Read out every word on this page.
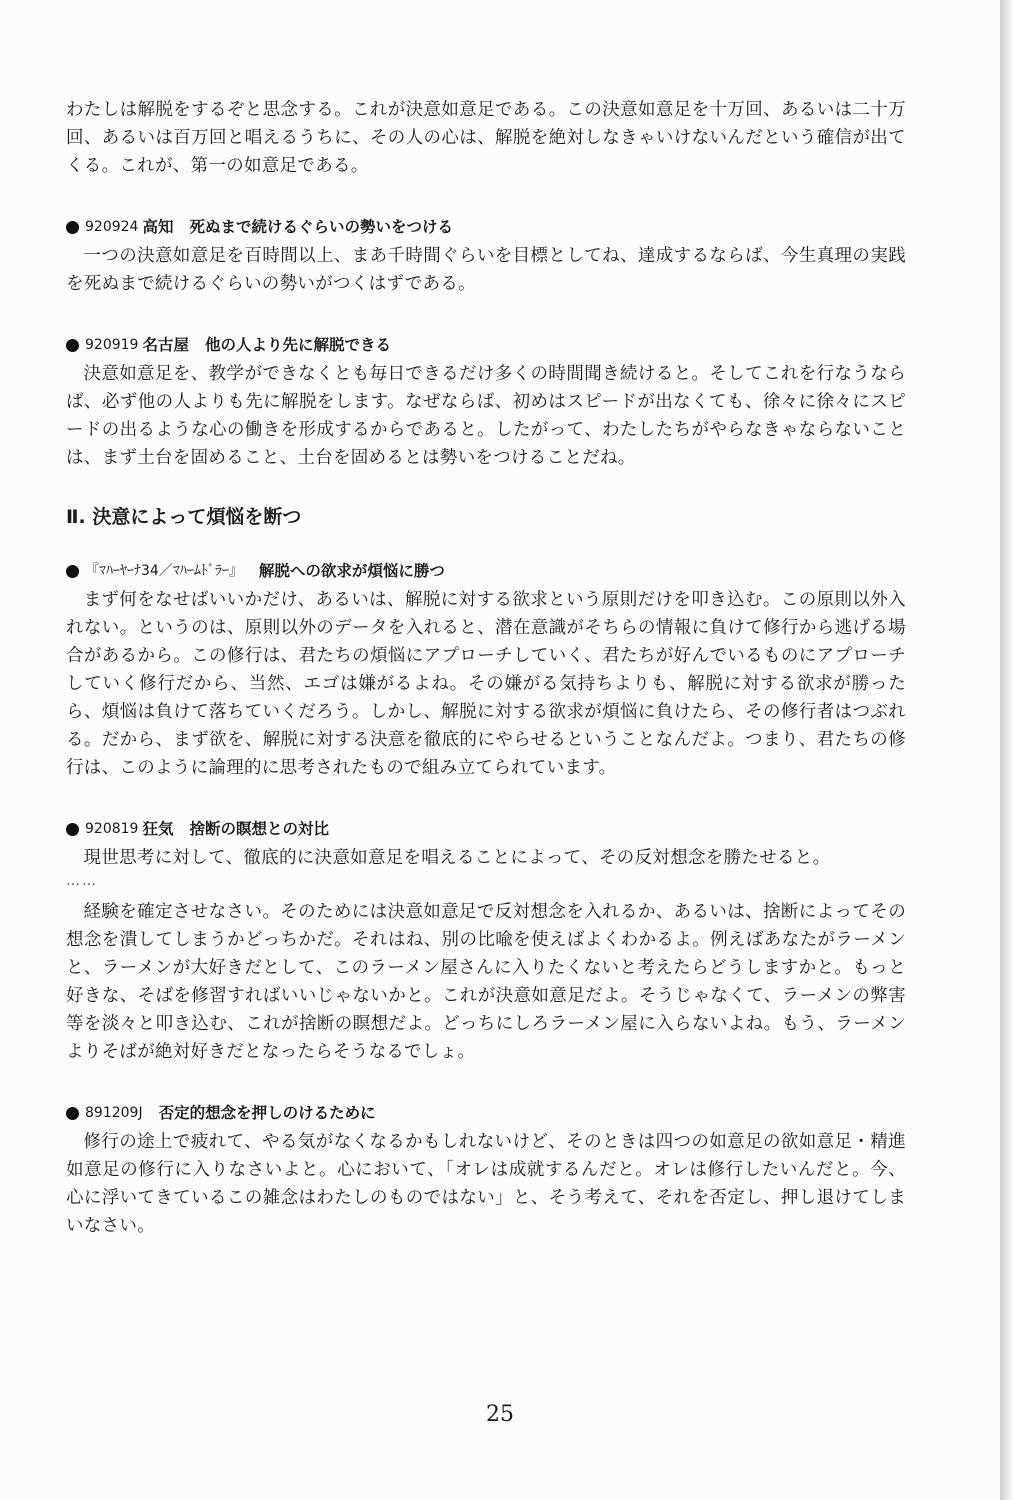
わたしは解脱をするぞと思念する。これが決意如意足である。この決意如意足を十万回、あるいは二十万回、あるいは百万回と唱えるうちに、その人の心は、解脱を絶対しなきゃいけないんだという確信が出てくる。これが、第一の如意足である。

920924 高知 死ぬまで続けるぐらいの勢いをつける

一つの決意如意足を百時間以上、まあ千時間ぐらいを目標としてね、達成するならば、今生真理の実践を死ぬまで続けるぐらいの勢いがつくはずである。

920919 名古屋 他の人より先に解脱できる

決意如意足を、教学ができなくとも毎日できるだけ多くの時間聞き続けると。そしてこれを行なうならば、必ず他の人よりも先に解脱をします。なぜならば、初めはスピードが出なくても、徐々に徐々にスピードの出るような心の働きを形成するからであると。したがって、わたしたちがやらなきゃならないことは、まず土台を固めること、土台を固めるとは勢いをつけることだね。

Ⅱ. 決意によって煩悩を断つ

『ﾏﾊｰﾔｰﾅ34／ﾏﾊｰﾑﾄﾞﾗｰ』 解脱への欲求が煩悩に勝つ

まず何をなせばいいかだけ、あるいは、解脱に対する欲求という原則だけを叩き込む。この原則以外入れない。というのは、原則以外のデータを入れると、潜在意識がそちらの情報に負けて修行から逃げる場合があるから。この修行は、君たちの煩悩にアプローチしていく、君たちが好んでいるものにアプローチしていく修行だから、当然、エゴは嫌がるよね。その嫌がる気持ちよりも、解脱に対する欲求が勝ったら、煩悩は負けて落ちていくだろう。しかし、解脱に対する欲求が煩悩に負けたら、その修行者はつぶれる。だから、まず欲を、解脱に対する決意を徹底的にやらせるということなんだよ。つまり、君たちの修行は、このように論理的に思考されたもので組み立てられています。

920819 狂気 捨断の瞑想との対比

現世思考に対して、徹底的に決意如意足を唱えることによって、その反対想念を勝たせると。

……

経験を確定させなさい。そのためには決意如意足で反対想念を入れるか、あるいは、捨断によってその想念を潰してしまうかどっちかだ。それはね、別の比喩を使えばよくわかるよ。例えばあなたがラーメンと、ラーメンが大好きだとして、このラーメン屋さんに入りたくないと考えたらどうしますかと。もっと好きな、そばを修習すればいいじゃないかと。これが決意如意足だよ。そうじゃなくて、ラーメンの弊害等を淡々と叩き込む、これが捨断の瞑想だよ。どっちにしろラーメン屋に入らないよね。もう、ラーメンよりそばが絶対好きだとなったらそうなるでしょ。

891209J 否定的想念を押しのけるために

修行の途上で疲れて、やる気がなくなるかもしれないけど、そのときは四つの如意足の欲如意足・精進如意足の修行に入りなさいよと。心において、「オレは成就するんだと。オレは修行したいんだと。今、心に浮いてきているこの雑念はわたしのものではない」と、そう考えて、それを否定し、押し退けてしまいなさい。

25
